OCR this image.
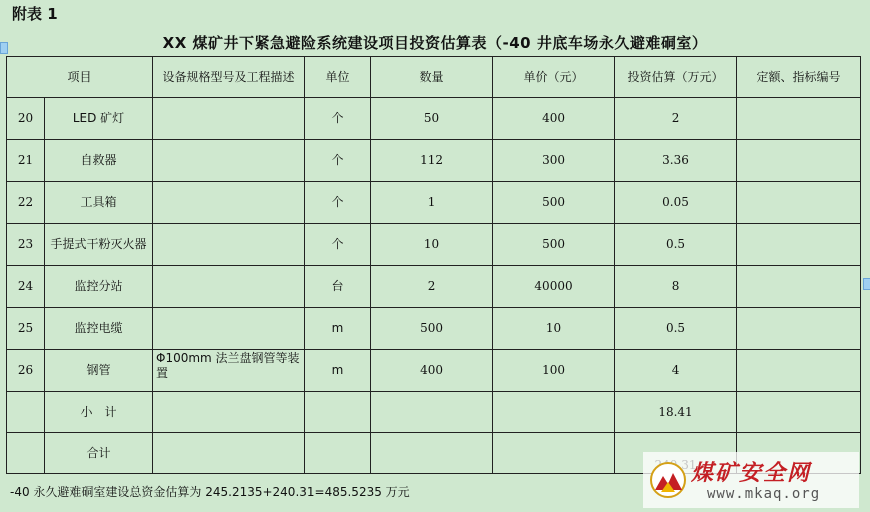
附表 1
XX 煤矿井下紧急避险系统建设项目投资估算表（-40 井底车场永久避难硐室）
项目		设备规格型号及工程描述	单位	数量	单价（元）	投资估算（万元）	定额、指标编号
20	LED 矿灯		个	50	400	2	
21	自救器		个	112	300	3.36	
22	工具箱		个	1	500	0.05	
23	手提式干粉灭火器		个	10	500	0.5	
24	监控分站		台	2	40000	8	
25	监控电缆		m	500	10	0.5	
26	钢管	Φ100mm 法兰盘钢管等装置	m	400	100	4	
	小　计					18.41	
	合计						
-40 永久避难硐室建设总资金估算为 245.2135+240.31=485.5235 万元
煤矿安全网
www.mkaq.org
